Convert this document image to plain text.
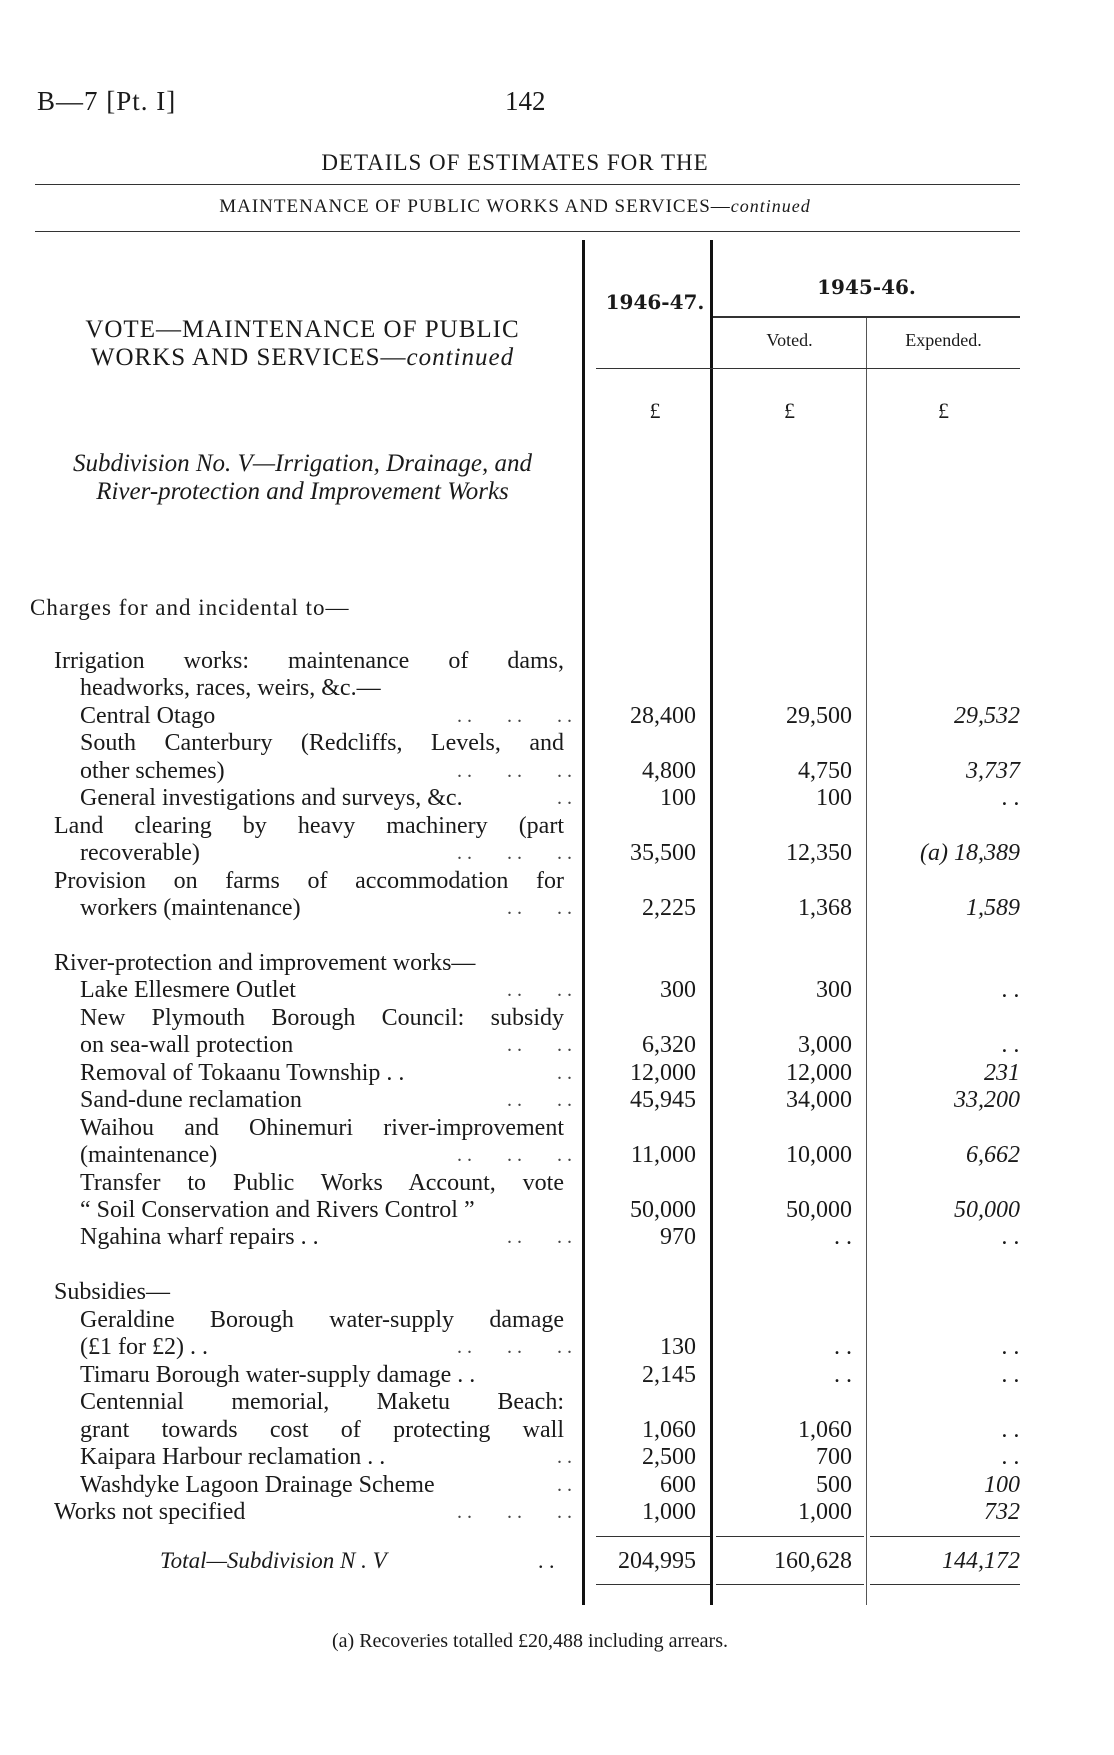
B—7 [Pt. I]	142
DETAILS OF ESTIMATES FOR THE
MAINTENANCE OF PUBLIC WORKS AND SERVICES—continued
VOTE—MAINTENANCE OF PUBLIC
WORKS AND SERVICES—continued
1946-47.
1945-46.
Voted.	Expended.
£	£	£
Subdivision No. V—Irrigation, Drainage, and
River-protection and Improvement Works
Charges for and incidental to—
Irrigation works: maintenance of dams,
headworks, races, weirs, &c.—
Central Otago	. .       . .       . .	28,400	29,500	29,532
South Canterbury (Redcliffs, Levels, and
other schemes)	. .       . .       . .	4,800	4,750	3,737
General investigations and surveys, &c.	. .	100	100	. .
Land clearing by heavy machinery (part
recoverable)	. .       . .       . .	35,500	12,350	(a) 18,389
Provision on farms of accommodation for
workers (maintenance)	. .       . .	2,225	1,368	1,589
River-protection and improvement works—
Lake Ellesmere Outlet	. .       . .	300	300	. .
New Plymouth Borough Council: subsidy
on sea-wall protection	. .       . .	6,320	3,000	. .
Removal of Tokaanu Township . .	. .	12,000	12,000	231
Sand-dune reclamation	. .       . .	45,945	34,000	33,200
Waihou and Ohinemuri river-improvement
(maintenance)	. .       . .       . .	11,000	10,000	6,662
Transfer to Public Works Account, vote
“ Soil Conservation and Rivers Control ”	50,000	50,000	50,000
Ngahina wharf repairs . .	. .       . .	970	. .	. .
Subsidies—
Geraldine Borough water-supply damage
(£1 for £2) . .	. .       . .       . .	130	. .	. .
Timaru Borough water-supply damage . .	2,145	. .	. .
Centennial memorial, Maketu Beach:
grant towards cost of protecting wall	1,060	1,060	. .
Kaipara Harbour reclamation . .	. .	2,500	700	. .
Washdyke Lagoon Drainage Scheme	. .	600	500	100
Works not specified	. .       . .       . .	1,000	1,000	732
Total—Subdivision N . V	. .	204,995	160,628	144,172
(a) Recoveries totalled £20,488 including arrears.
